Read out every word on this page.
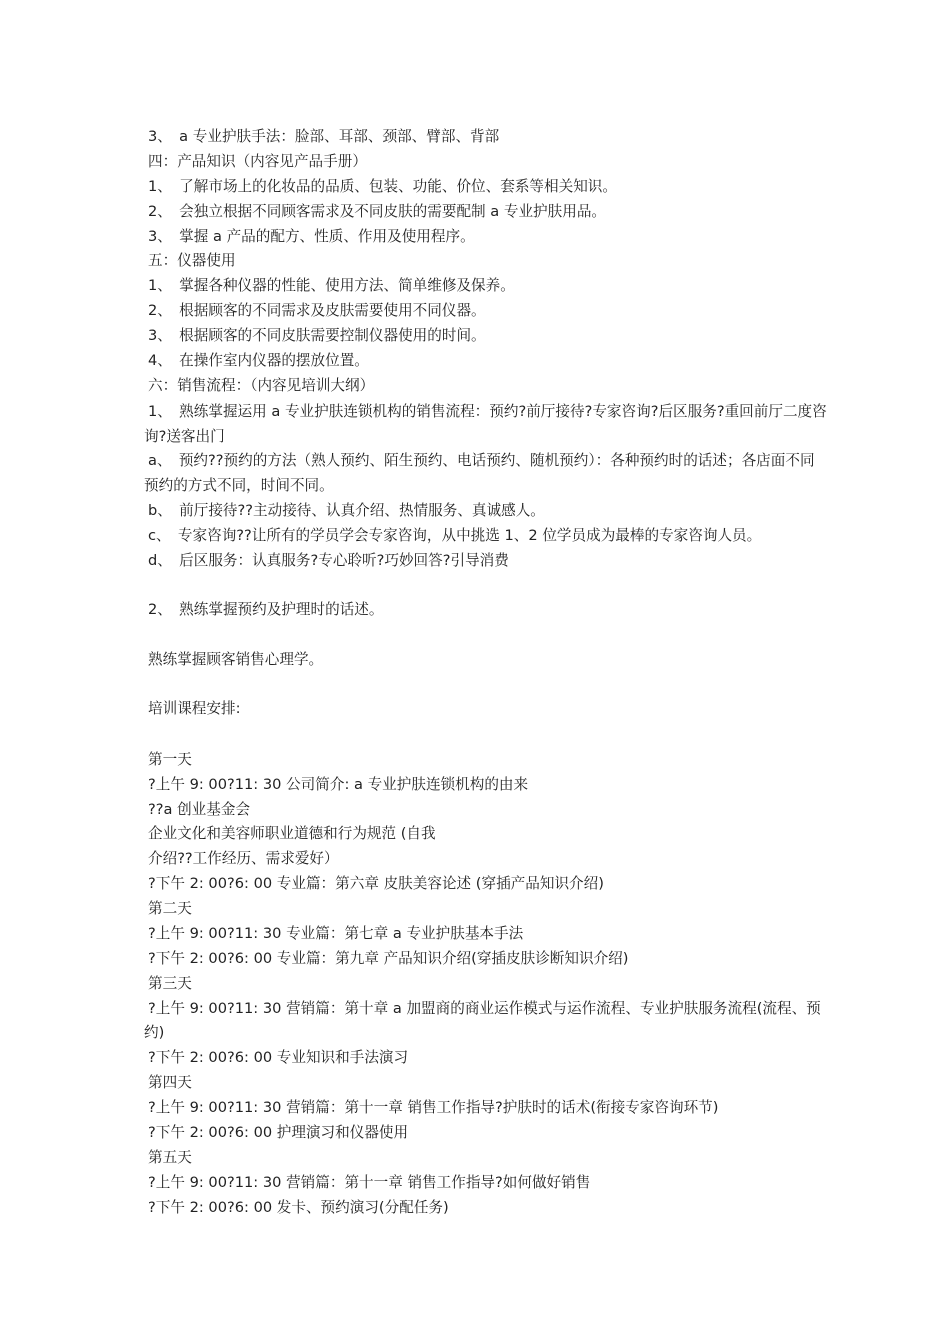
3、　a 专业护肤手法：脸部、耳部、颈部、臂部、背部
四：产品知识（内容见产品手册）
1、　了解市场上的化妆品的品质、包装、功能、价位、套系等相关知识。
2、　会独立根据不同顾客需求及不同皮肤的需要配制 a 专业护肤用品。
3、　掌握 a 产品的配方、性质、作用及使用程序。
五：仪器使用
1、　掌握各种仪器的性能、使用方法、简单维修及保养。
2、　根据顾客的不同需求及皮肤需要使用不同仪器。
3、　根据顾客的不同皮肤需要控制仪器使用的时间。
4、　在操作室内仪器的摆放位置。
六：销售流程：（内容见培训大纲）
1、　熟练掌握运用 a 专业护肤连锁机构的销售流程：预约?前厅接待?专家咨询?后区服务?重回前厅二度咨
询?送客出门
a、　预约??预约的方法（熟人预约、陌生预约、电话预约、随机预约）：各种预约时的话述；各店面不同
预约的方式不同，时间不同。
b、　前厅接待??主动接待、认真介绍、热情服务、真诚感人。
c、　专家咨询??让所有的学员学会专家咨询，从中挑选 1、2 位学员成为最棒的专家咨询人员。
d、　后区服务：认真服务?专心聆听?巧妙回答?引导消费
2、　熟练掌握预约及护理时的话述。
熟练掌握顾客销售心理学。
培训课程安排:
第一天
?上午 9: 00?11: 30 公司简介: a 专业护肤连锁机构的由来
??a 创业基金会
企业文化和美容师职业道德和行为规范 (自我
介绍??工作经历、需求爱好）
?下午 2: 00?6: 00 专业篇：第六章 皮肤美容论述 (穿插产品知识介绍)
第二天
?上午 9: 00?11: 30 专业篇：第七章 a 专业护肤基本手法
?下午 2: 00?6: 00 专业篇：第九章 产品知识介绍(穿插皮肤诊断知识介绍)
第三天
?上午 9: 00?11: 30 营销篇：第十章 a 加盟商的商业运作模式与运作流程、专业护肤服务流程(流程、预
约)
?下午 2: 00?6: 00 专业知识和手法演习
第四天
?上午 9: 00?11: 30 营销篇：第十一章 销售工作指导?护肤时的话术(衔接专家咨询环节)
?下午 2: 00?6: 00 护理演习和仪器使用
第五天
?上午 9: 00?11: 30 营销篇：第十一章 销售工作指导?如何做好销售
?下午 2: 00?6: 00 发卡、预约演习(分配任务)
